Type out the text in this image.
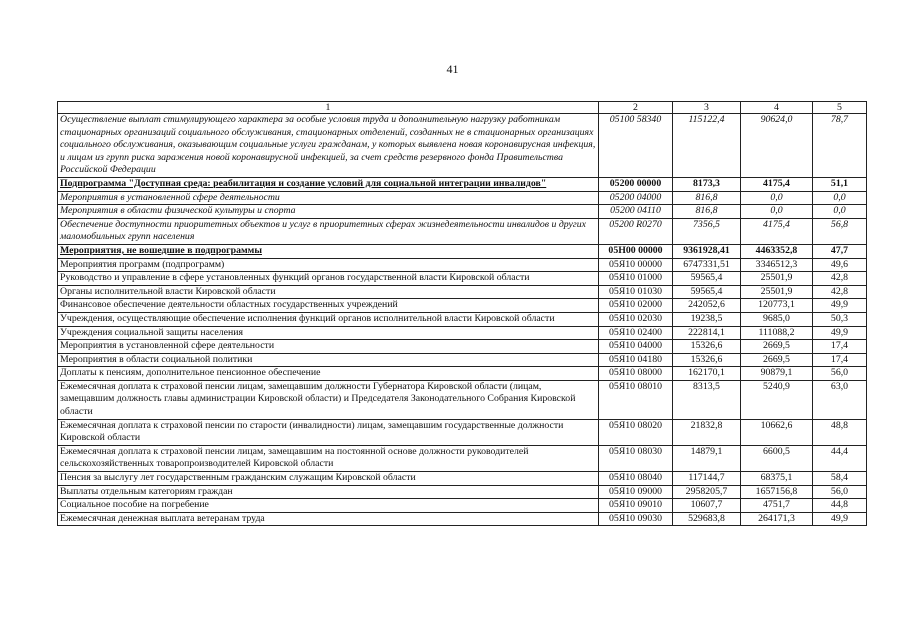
41
1	2	3	4	5
Осуществление выплат стимулирующего характера за особые условия труда и дополнительную нагрузку работникам стационарных организаций социального обслуживания, стационарных отделений, созданных не в стационарных организациях социального обслуживания, оказывающим социальные услуги гражданам, у которых выявлена новая коронавирусная инфекция, и лицам из групп риска заражения новой коронавирусной инфекцией, за счет средств резервного фонда Правительства Российской Федерации	05100 58340	115122,4	90624,0	78,7
Подпрограмма "Доступная среда: реабилитация и создание условий для социальной интеграции инвалидов"	05200 00000	8173,3	4175,4	51,1
Мероприятия в установленной сфере деятельности	05200 04000	816,8	0,0	0,0
Мероприятия в области физической культуры и спорта	05200 04110	816,8	0,0	0,0
Обеспечение доступности приоритетных объектов и услуг в приоритетных сферах жизнедеятельности инвалидов и других маломобильных групп населения	05200 R0270	7356,5	4175,4	56,8
Мероприятия, не вошедшие в подпрограммы	05Н00 00000	9361928,41	4463352,8	47,7
Мероприятия программ (подпрограмм)	05Я10 00000	6747331,51	3346512,3	49,6
Руководство и управление в сфере установленных функций органов государственной власти Кировской области	05Я10 01000	59565,4	25501,9	42,8
Органы исполнительной власти Кировской области	05Я10 01030	59565,4	25501,9	42,8
Финансовое обеспечение деятельности областных государственных учреждений	05Я10 02000	242052,6	120773,1	49,9
Учреждения, осуществляющие обеспечение исполнения функций органов исполнительной власти Кировской области	05Я10 02030	19238,5	9685,0	50,3
Учреждения социальной защиты населения	05Я10 02400	222814,1	111088,2	49,9
Мероприятия в установленной сфере деятельности	05Я10 04000	15326,6	2669,5	17,4
Мероприятия в области социальной политики	05Я10 04180	15326,6	2669,5	17,4
Доплаты к пенсиям, дополнительное пенсионное обеспечение	05Я10 08000	162170,1	90879,1	56,0
Ежемесячная доплата к страховой пенсии лицам, замещавшим должности Губернатора Кировской области (лицам, замещавшим должность главы администрации Кировской области) и Председателя Законодательного Собрания Кировской области	05Я10 08010	8313,5	5240,9	63,0
Ежемесячная доплата к страховой пенсии по старости (инвалидности) лицам, замещавшим государственные должности Кировской области	05Я10 08020	21832,8	10662,6	48,8
Ежемесячная доплата к страховой пенсии лицам, замещавшим на постоянной основе должности руководителей сельскохозяйственных товаропроизводителей Кировской области	05Я10 08030	14879,1	6600,5	44,4
Пенсия за выслугу лет государственным гражданским служащим Кировской области	05Я10 08040	117144,7	68375,1	58,4
Выплаты отдельным категориям граждан	05Я10 09000	2958205,7	1657156,8	56,0
Социальное пособие на погребение	05Я10 09010	10607,7	4751,7	44,8
Ежемесячная денежная выплата ветеранам труда	05Я10 09030	529683,8	264171,3	49,9
